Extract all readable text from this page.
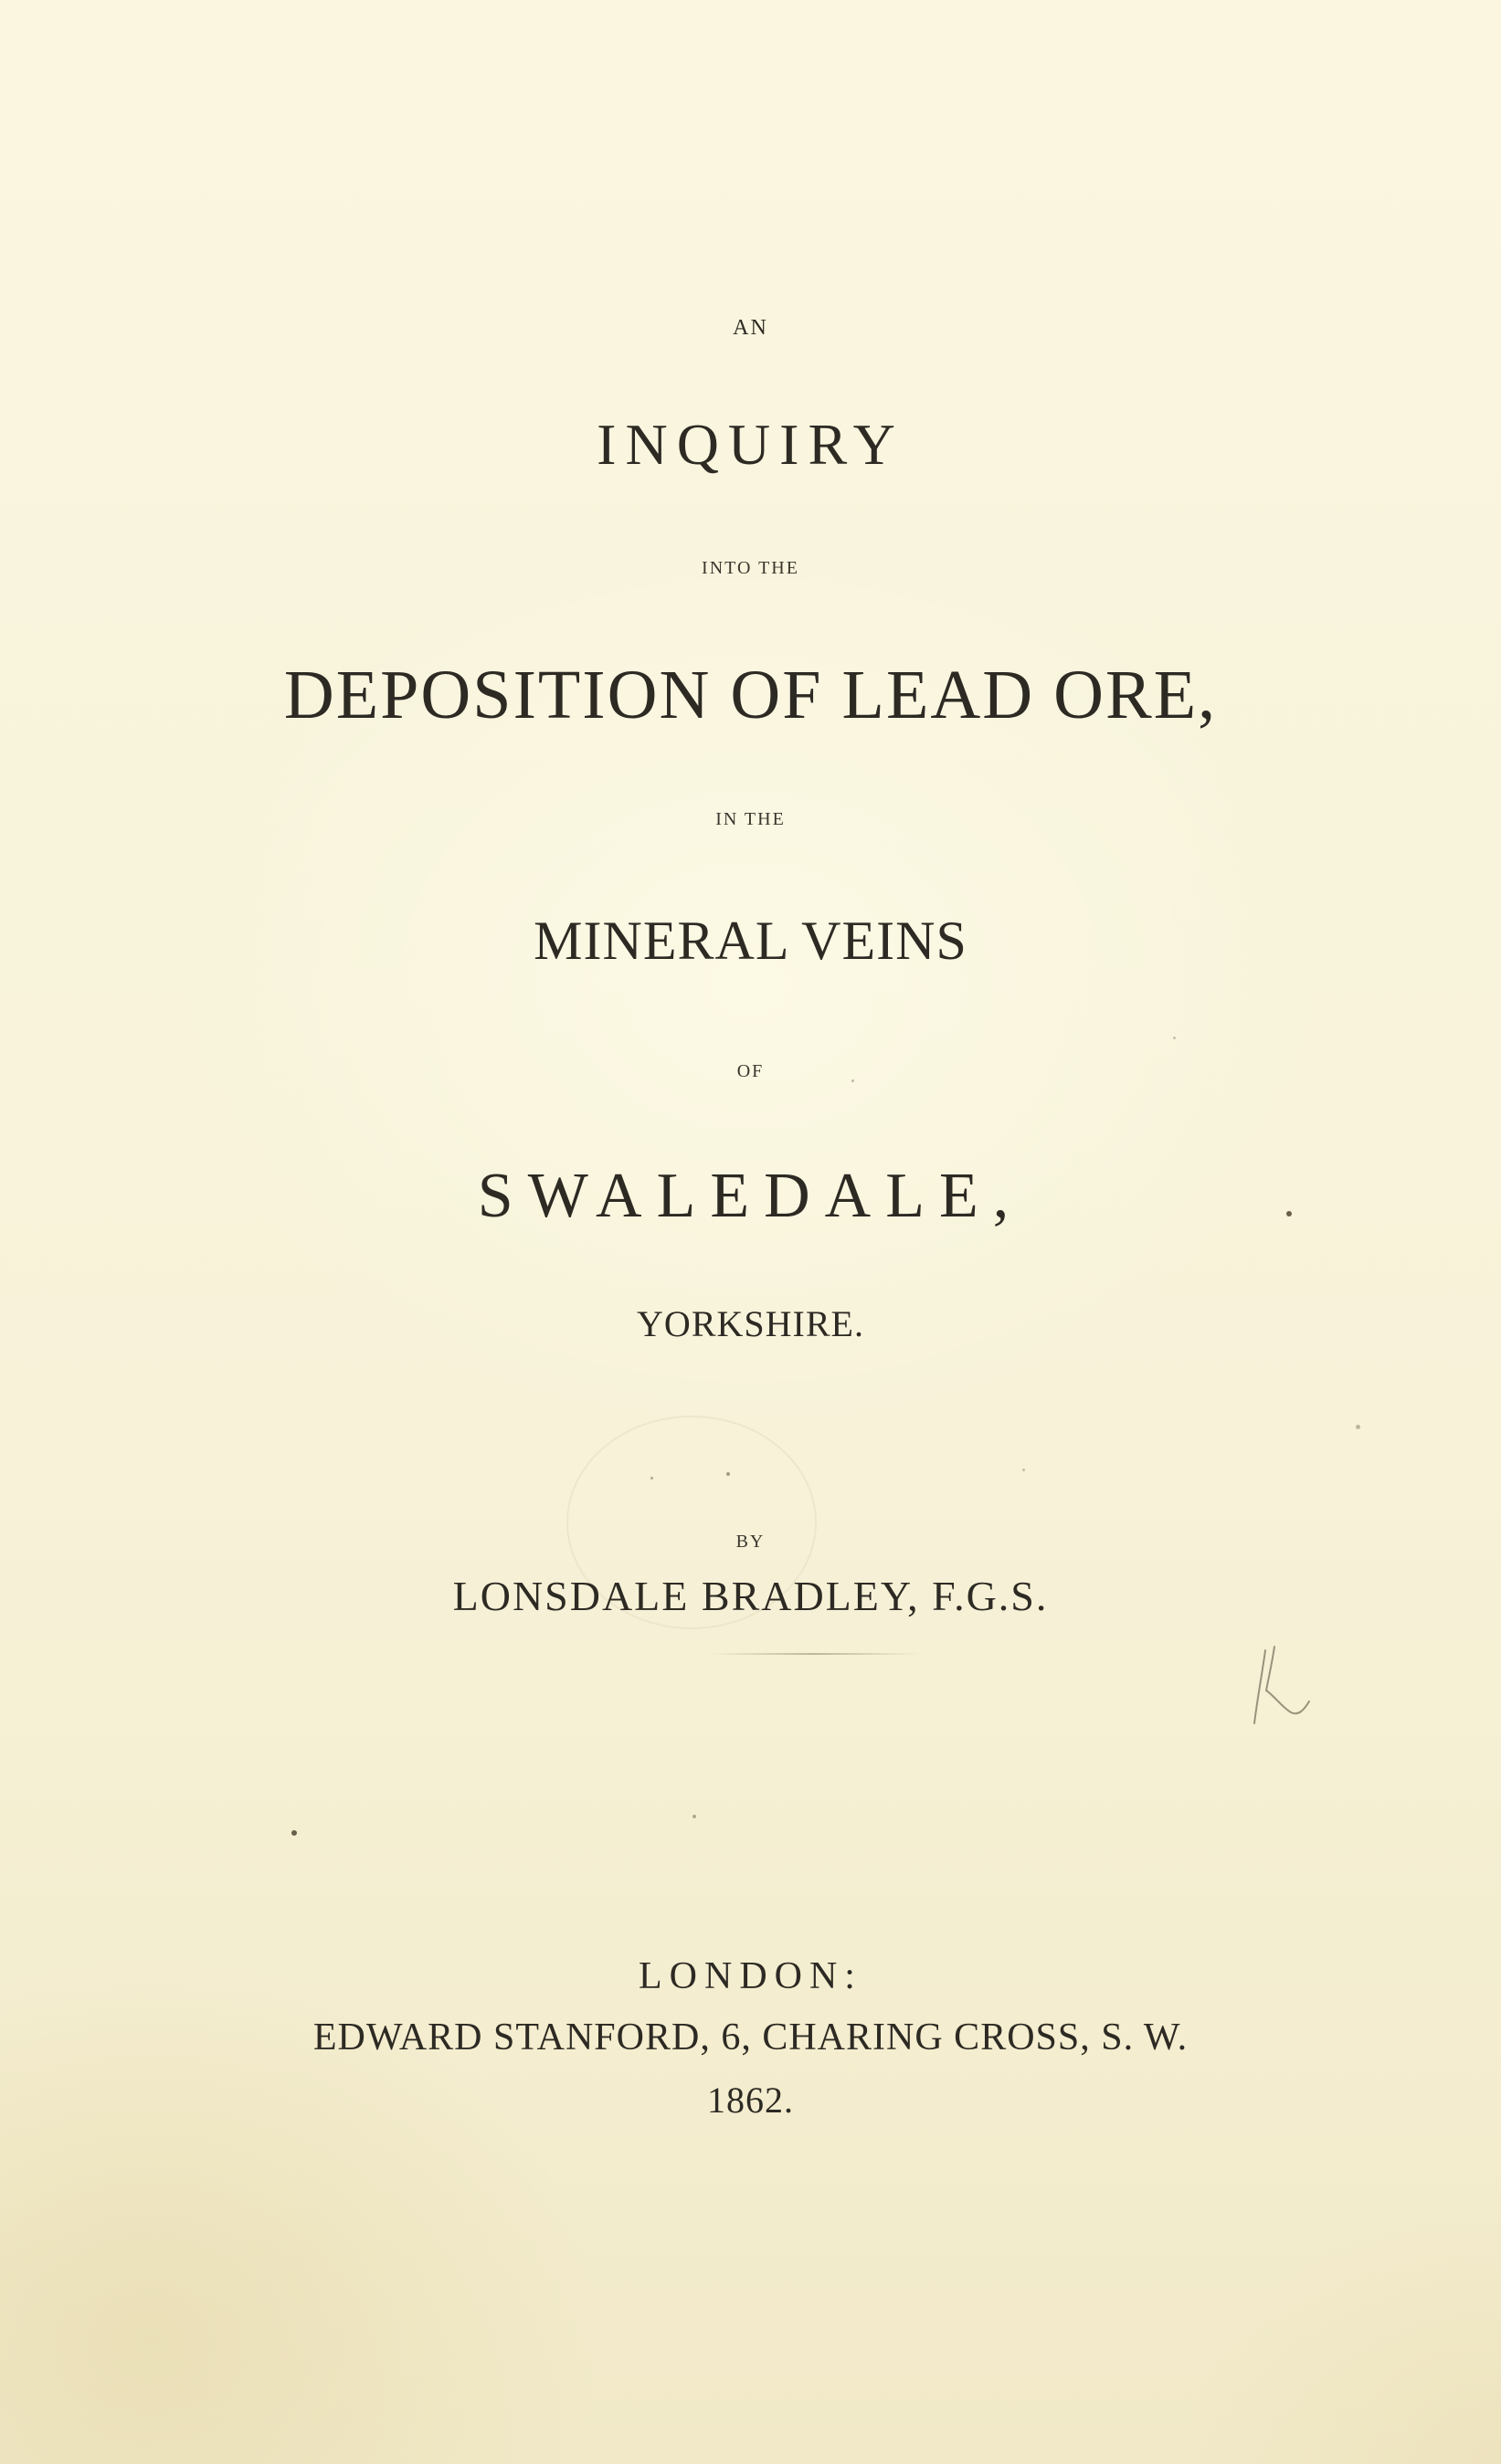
AN
INQUIRY
INTO THE
DEPOSITION OF LEAD ORE,
IN THE
MINERAL VEINS
OF
SWALEDALE,
YORKSHIRE.
BY
LONSDALE BRADLEY, F.G.S.
LONDON:
EDWARD STANFORD, 6, CHARING CROSS, S. W.
1862.
